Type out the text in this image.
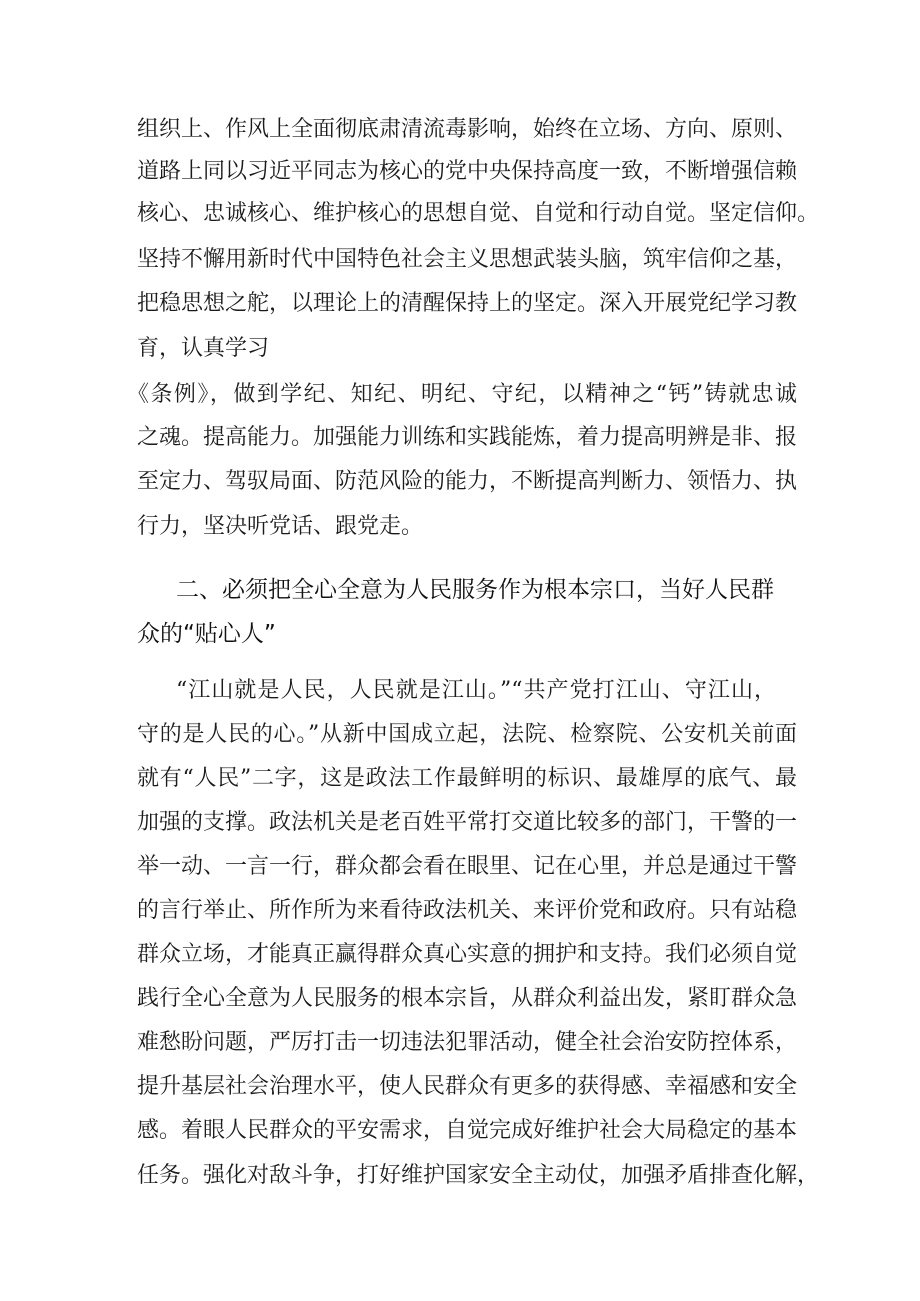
组织上、作风上全面彻底肃清流毒影响，始终在立场、方向、原则、

道路上同以习近平同志为核心的党中央保持高度一致，不断增强信赖

核心、忠诚核心、维护核心的思想自觉、自觉和行动自觉。坚定信仰。

坚持不懈用新时代中国特色社会主义思想武装头脑，筑牢信仰之基，

把稳思想之舵，以理论上的清醒保持上的坚定。深入开展党纪学习教

育，认真学习

《条例》，做到学纪、知纪、明纪、守纪，以精神之“钙”铸就忠诚

之魂。提高能力。加强能力训练和实践能炼，着力提高明辨是非、报

至定力、驾驭局面、防范风险的能力，不断提高判断力、领悟力、执

行力，坚决听党话、跟党走。

二、必须把全心全意为人民服务作为根本宗口，当好人民群

众的“贴心人”

“江山就是人民，人民就是江山。”“共产党打江山、守江山，

守的是人民的心。”从新中国成立起，法院、检察院、公安机关前面

就有“人民”二字，这是政法工作最鲜明的标识、最雄厚的底气、最

加强的支撑。政法机关是老百姓平常打交道比较多的部门，干警的一

举一动、一言一行，群众都会看在眼里、记在心里，并总是通过干警

的言行举止、所作所为来看待政法机关、来评价党和政府。只有站稳

群众立场，才能真正赢得群众真心实意的拥护和支持。我们必须自觉

践行全心全意为人民服务的根本宗旨，从群众利益出发，紧盯群众急

难愁盼问题，严厉打击一切违法犯罪活动，健全社会治安防控体系，

提升基层社会治理水平，使人民群众有更多的获得感、幸福感和安全

感。着眼人民群众的平安需求，自觉完成好维护社会大局稳定的基本

任务。强化对敌斗争，打好维护国家安全主动仗，加强矛盾排查化解，
